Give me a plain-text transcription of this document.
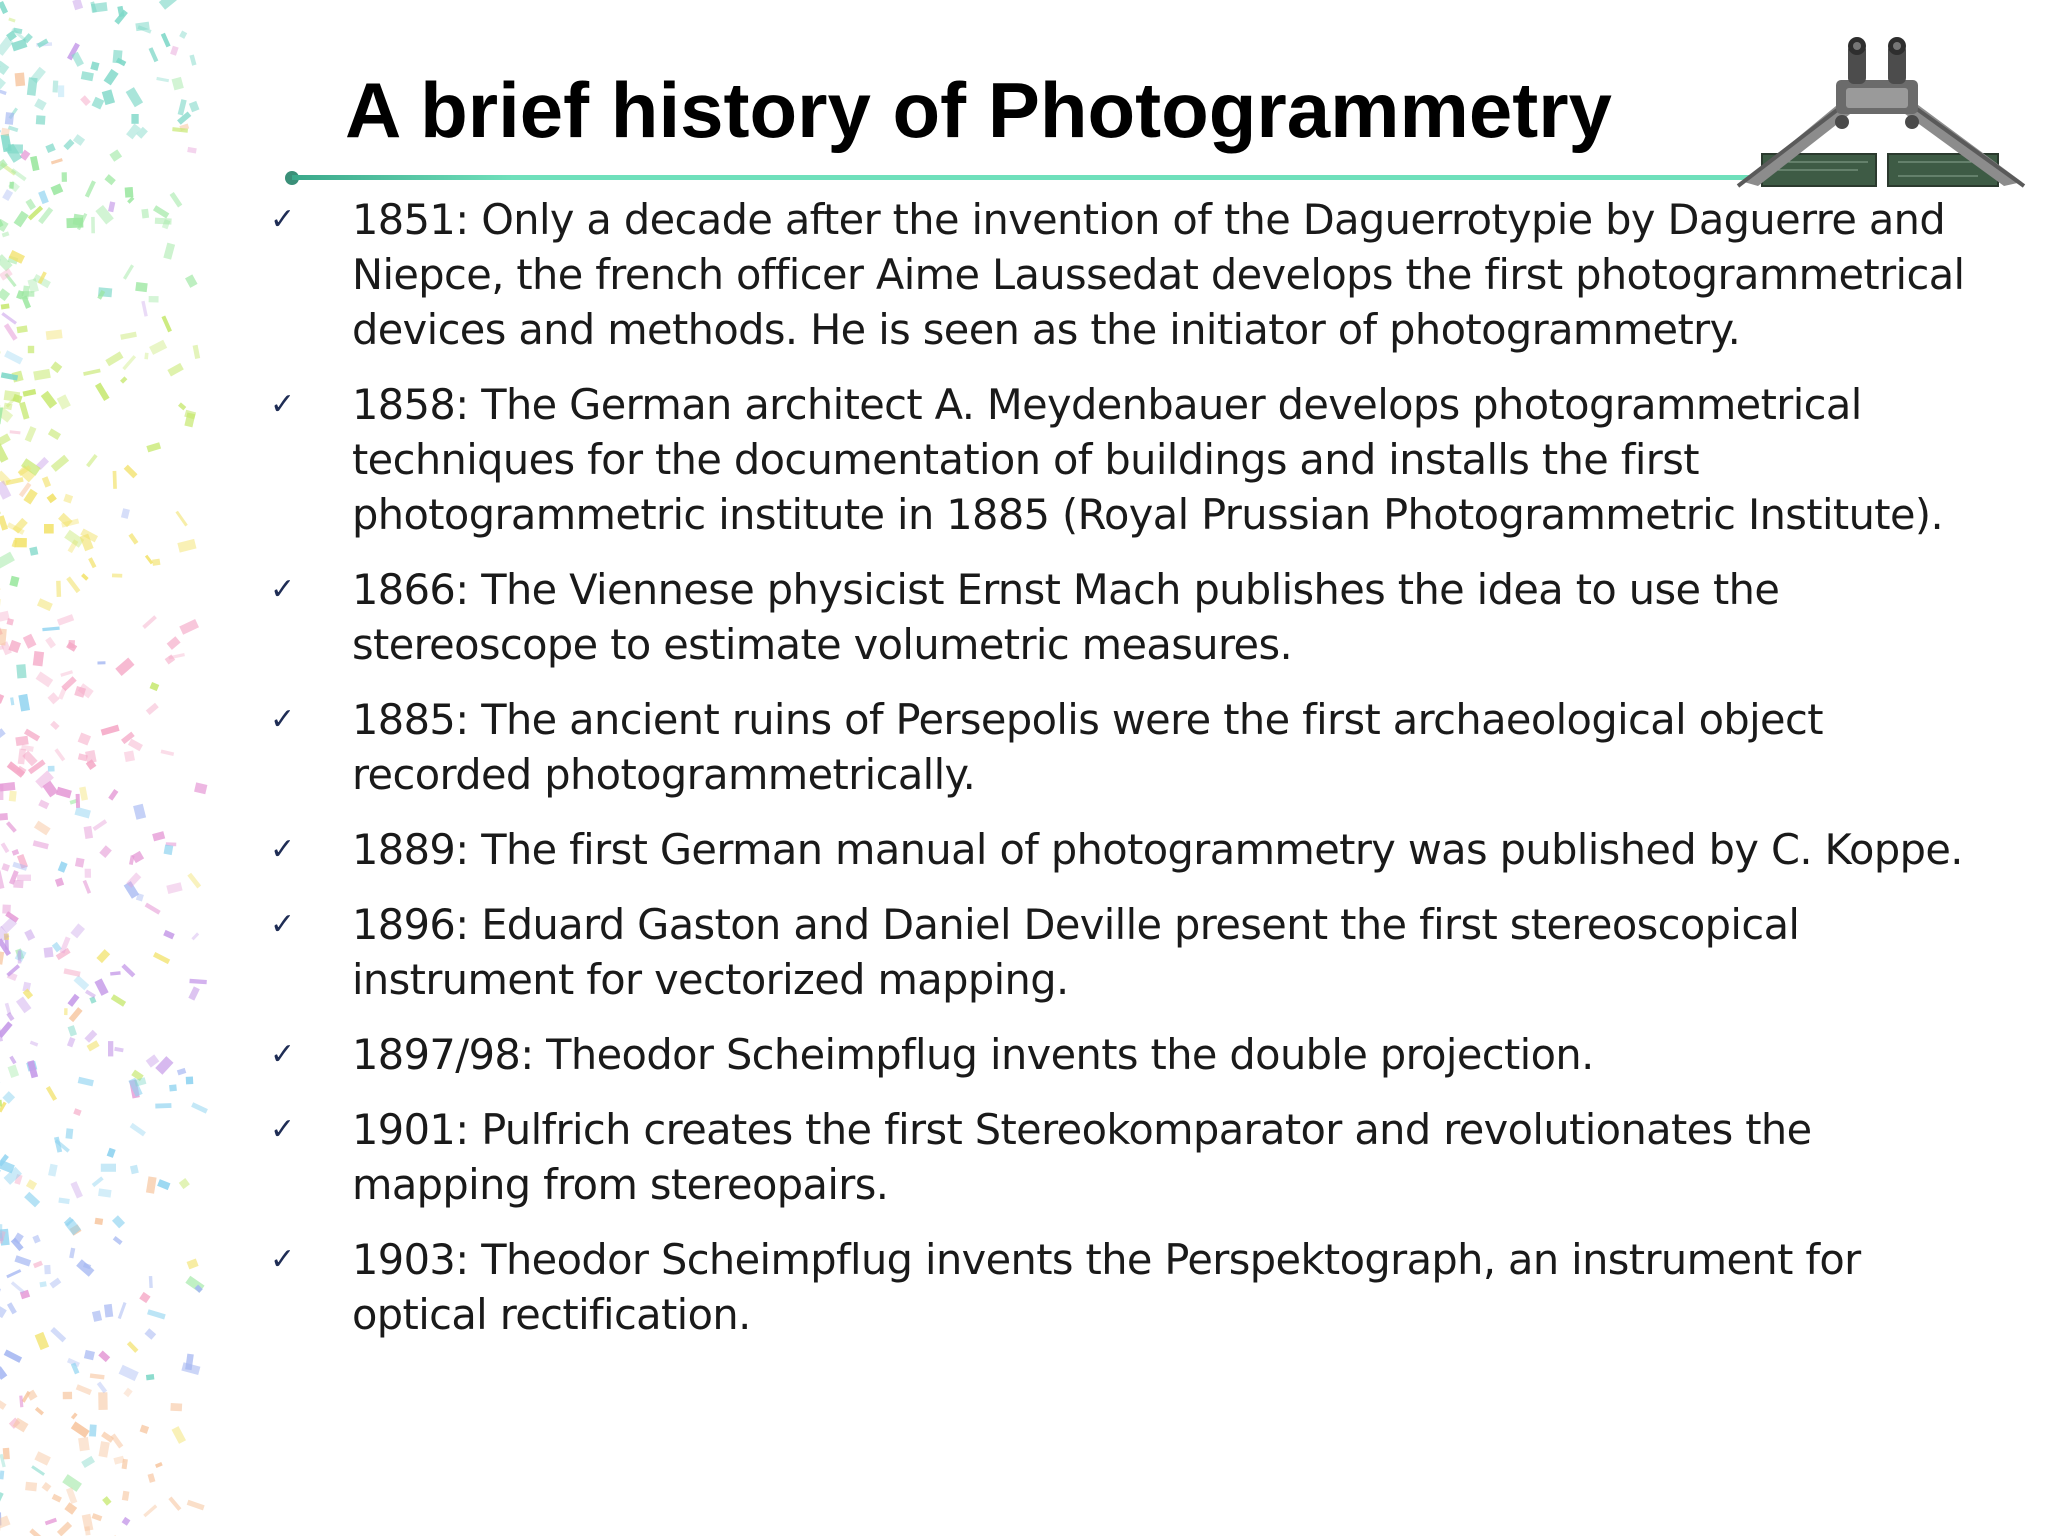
A brief history of Photogrammetry
✓ 1851: Only a decade after the invention of the Daguerrotypie by Daguerre and Niepce, the french officer Aime Laussedat develops the first photogrammetrical devices and methods. He is seen as the initiator of photogrammetry.
✓ 1858: The German architect A. Meydenbauer develops photogrammetrical techniques for the documentation of buildings and installs the first photogrammetric institute in 1885 (Royal Prussian Photogrammetric Institute).
✓ 1866: The Viennese physicist Ernst Mach publishes the idea to use the stereoscope to estimate volumetric measures.
✓ 1885: The ancient ruins of Persepolis were the first archaeological object recorded photogrammetrically.
✓ 1889: The first German manual of photogrammetry was published by C. Koppe.
✓ 1896: Eduard Gaston and Daniel Deville present the first stereoscopical instrument for vectorized mapping.
✓ 1897/98: Theodor Scheimpflug invents the double projection.
✓ 1901: Pulfrich creates the first Stereokomparator and revolutionates the mapping from stereopairs.
✓ 1903: Theodor Scheimpflug invents the Perspektograph, an instrument for optical rectification.
